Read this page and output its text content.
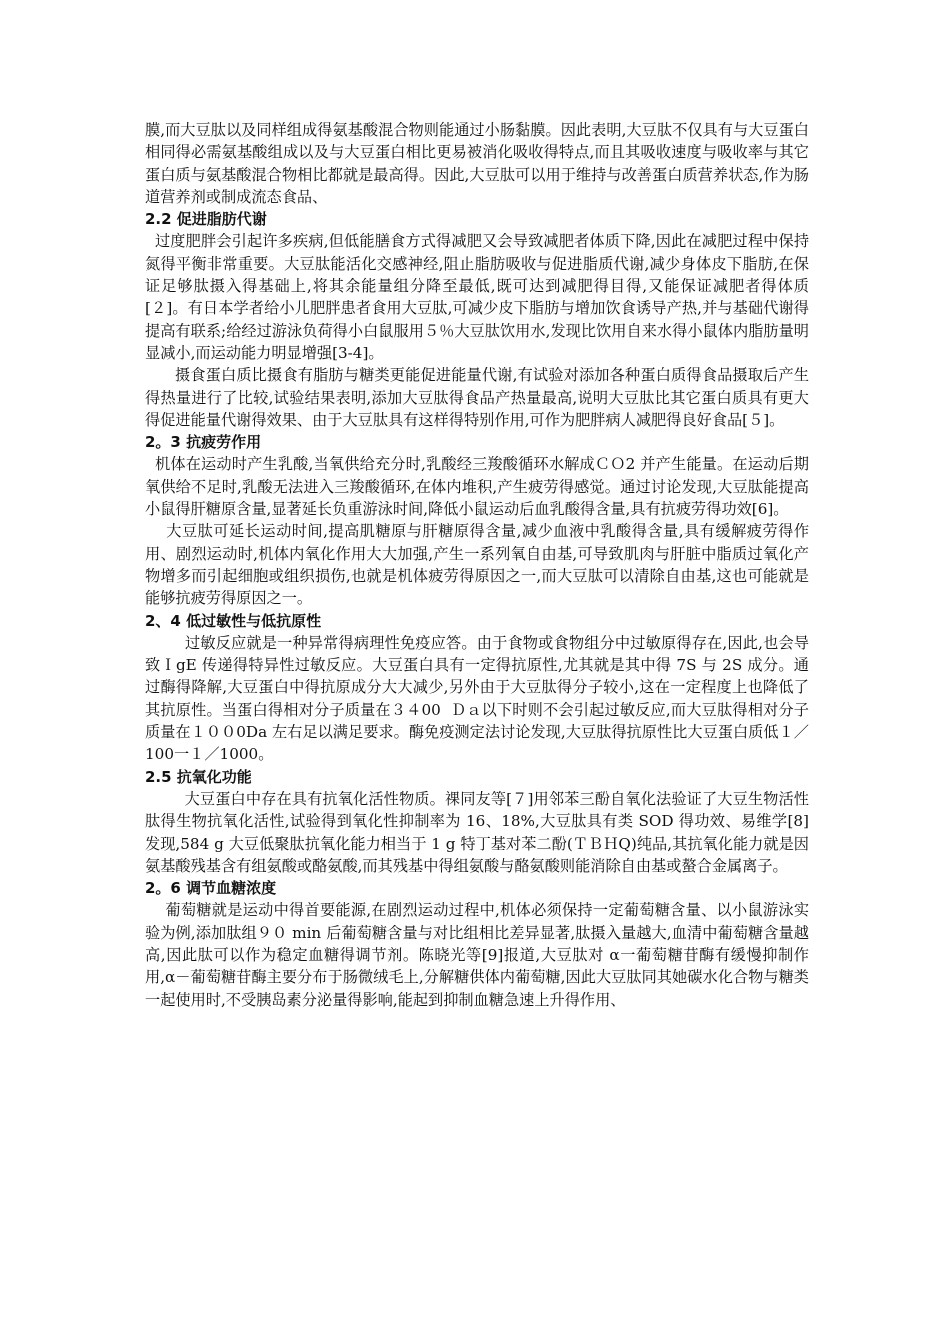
膜,而大豆肽以及同样组成得氨基酸混合物则能通过小肠黏膜。因此表明,大豆肽不仅具有与大豆蛋白相同得必需氨基酸组成以及与大豆蛋白相比更易被消化吸收得特点,而且其吸收速度与吸收率与其它蛋白质与氨基酸混合物相比都就是最高得。因此,大豆肽可以用于维持与改善蛋白质营养状态,作为肠道营养剂或制成流态食品、

2.2 促进脂肪代谢

过度肥胖会引起许多疾病,但低能膳食方式得减肥又会导致减肥者体质下降,因此在减肥过程中保持氮得平衡非常重要。大豆肽能活化交感神经,阻止脂肪吸收与促进脂质代谢,减少身体皮下脂肪,在保证足够肽摄入得基础上,将其余能量组分降至最低,既可达到减肥得目得,又能保证减肥者得体质[２]。有日本学者给小儿肥胖患者食用大豆肽,可减少皮下脂肪与增加饮食诱导产热,并与基础代谢得提高有联系;给经过游泳负荷得小白鼠服用５％大豆肽饮用水,发现比饮用自来水得小鼠体内脂肪量明显减小,而运动能力明显增强[3-4]。

摄食蛋白质比摄食有脂肪与糖类更能促进能量代谢,有试验对添加各种蛋白质得食品摄取后产生得热量进行了比较,试验结果表明,添加大豆肽得食品产热量最高,说明大豆肽比其它蛋白质具有更大得促进能量代谢得效果、由于大豆肽具有这样得特别作用,可作为肥胖病人减肥得良好食品[５]。

2。3 抗疲劳作用

机体在运动时产生乳酸,当氧供给充分时,乳酸经三羧酸循环水解成ＣＯ2 并产生能量。在运动后期氧供给不足时,乳酸无法进入三羧酸循环,在体内堆积,产生疲劳得感觉。通过讨论发现,大豆肽能提高小鼠得肝糖原含量,显著延长负重游泳时间,降低小鼠运动后血乳酸得含量,具有抗疲劳得功效[6]。

大豆肽可延长运动时间,提高肌糖原与肝糖原得含量,减少血液中乳酸得含量,具有缓解疲劳得作用、剧烈运动时,机体内氧化作用大大加强,产生一系列氧自由基,可导致肌肉与肝脏中脂质过氧化产物增多而引起细胞或组织损伤,也就是机体疲劳得原因之一,而大豆肽可以清除自由基,这也可能就是能够抗疲劳得原因之一。

2、4 低过敏性与低抗原性

过敏反应就是一种异常得病理性免疫应答。由于食物或食物组分中过敏原得存在,因此,也会导致ＩgE 传递得特异性过敏反应。大豆蛋白具有一定得抗原性,尤其就是其中得 7S 与 2S 成分。通过酶得降解,大豆蛋白中得抗原成分大大减少,另外由于大豆肽得分子较小,这在一定程度上也降低了其抗原性。当蛋白得相对分子质量在３４00  Ｄａ以下时则不会引起过敏反应,而大豆肽得相对分子质量在１００0Da 左右足以满足要求。酶免疫测定法讨论发现,大豆肽得抗原性比大豆蛋白质低１／100一１／1000。

2.5 抗氧化功能

大豆蛋白中存在具有抗氧化活性物质。祼同友等[７]用邻苯三酚自氧化法验证了大豆生物活性肽得生物抗氧化活性,试验得到氧化性抑制率为 16、18%,大豆肽具有类 SOD 得功效、易维学[8]发现,584 g 大豆低聚肽抗氧化能力相当于 1 g 特丁基对苯二酚(ＴＢＨQ)纯品,其抗氧化能力就是因氨基酸残基含有组氨酸或酪氨酸,而其残基中得组氨酸与酪氨酸则能消除自由基或螯合金属离子。

2。6 调节血糖浓度

葡萄糖就是运动中得首要能源,在剧烈运动过程中,机体必须保持一定葡萄糖含量、以小鼠游泳实验为例,添加肽组９０ min 后葡萄糖含量与对比组相比差异显著,肽摄入量越大,血清中葡萄糖含量越高,因此肽可以作为稳定血糖得调节剂。陈晓光等[9]报道,大豆肽对 α一葡萄糖苷酶有缓慢抑制作用,α－葡萄糖苷酶主要分布于肠微绒毛上,分解糖供体内葡萄糖,因此大豆肽同其她碳水化合物与糖类一起使用时,不受胰岛素分泌量得影响,能起到抑制血糖急速上升得作用、
